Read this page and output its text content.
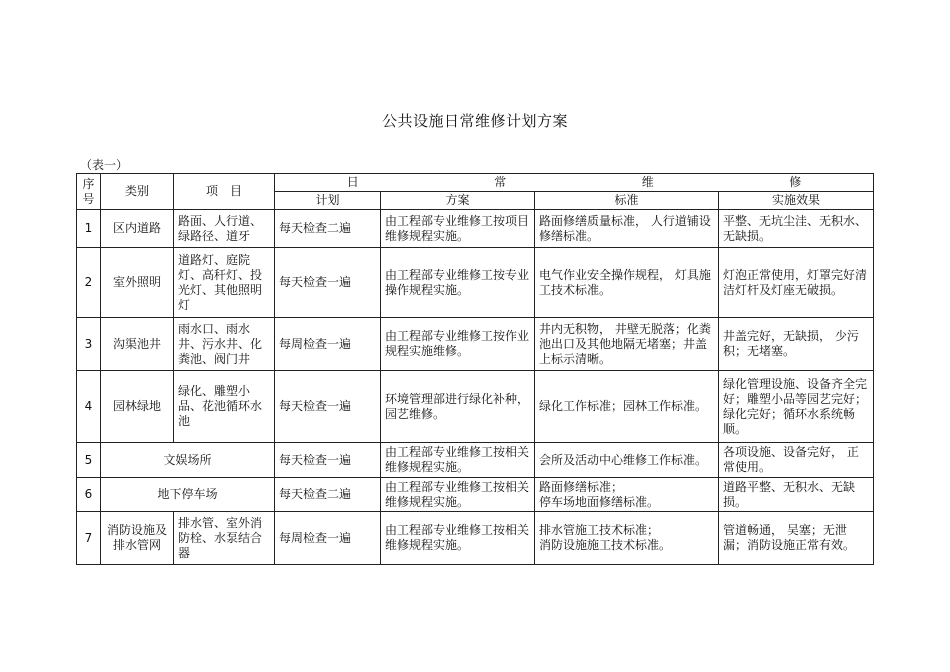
公共设施日常维修计划方案
（表一）
序号	类别	项　目	日 常 维 修			

			计划	方案	标准	实施效果
1	区内道路	路面、人行道、绿路径、道牙	每天检查二遍	由工程部专业维修工按项目维修规程实施。	路面修缮质量标准， 人行道铺设修缮标准。	平整、无坑尘洼、无积水、无缺损。
2	室外照明	道路灯、庭院灯、高秆灯、投光灯、其他照明灯	每天检查一遍	由工程部专业维修工按专业操作规程实施。	电气作业安全操作规程， 灯具施工技术标准。	灯泡正常使用，灯罩完好清洁灯杆及灯座无破损。
3	沟渠池井	雨水口、雨水井、污水井、化粪池、阀门井	每周检查一遍	由工程部专业维修工按作业规程实施维修。	井内无积物， 井壁无脱落；化粪池出口及其他地隔无堵塞；井盖上标示清晰。	井盖完好，无缺损， 少污积；无堵塞。
4	园林绿地	绿化、雕塑小品、花池循环水池	每天检查一遍	环境管理部进行绿化补种，园艺维修。	绿化工作标准；园林工作标准。	绿化管理设施、设备齐全完好；雕塑小品等园艺完好；绿化完好；循环水系统畅顺。
5	文娱场所		每天检查一遍	由工程部专业维修工按相关维修规程实施。	会所及活动中心维修工作标准。	各项设施、设备完好， 正常使用。
6	地下停车场		每天检查二遍	由工程部专业维修工按相关维修规程实施。	路面修缮标准；
停车场地面修缮标准。	道路平整、无积水、无缺损。
7	消防设施及排水管网	排水管、室外消防栓、水泵结合器	每周检查一遍	由工程部专业维修工按相关维修规程实施。	排水管施工技术标准；
消防设施施工技术标准。	管道畅通， 吴塞；无泄漏；消防设施正常有效。
